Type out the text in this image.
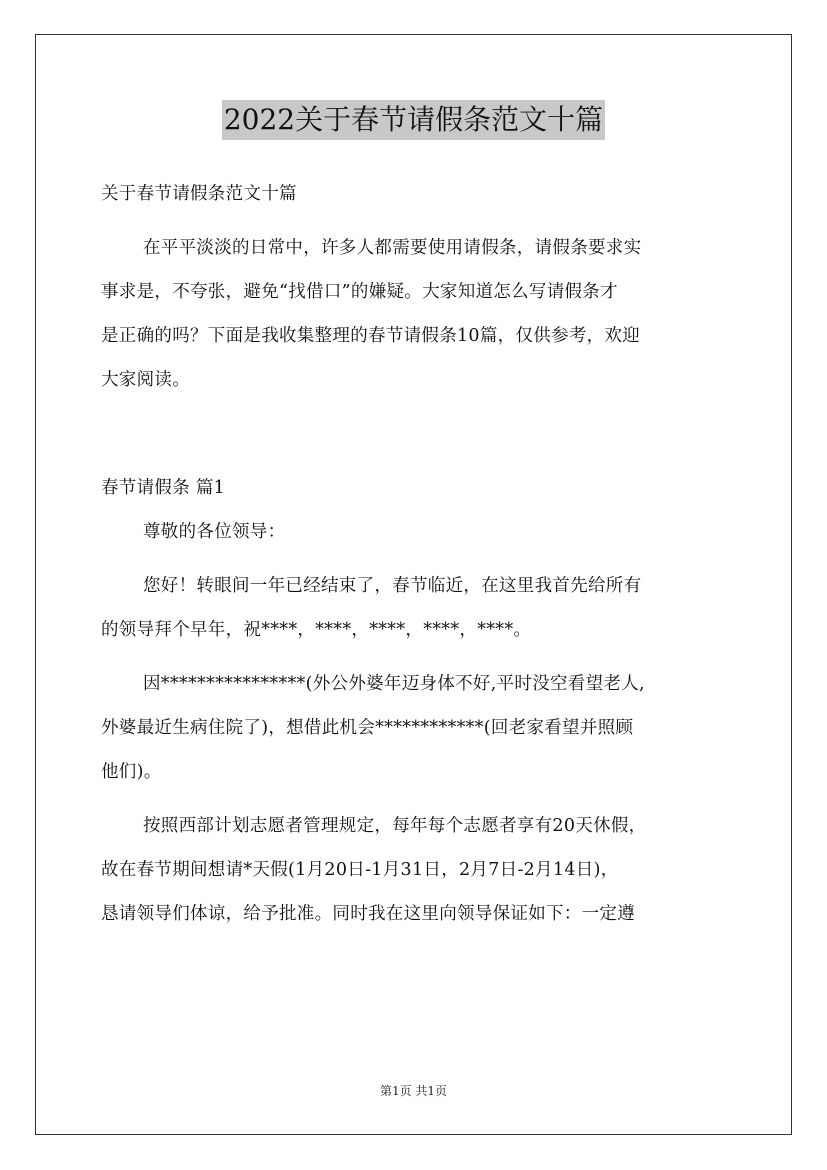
2022关于春节请假条范文十篇

关于春节请假条范文十篇

在平平淡淡的日常中，许多人都需要使用请假条，请假条要求实

事求是，不夸张，避免“找借口”的嫌疑。大家知道怎么写请假条才

是正确的吗？下面是我收集整理的春节请假条10篇，仅供参考，欢迎

大家阅读。

春节请假条 篇1

尊敬的各位领导：

您好！转眼间一年已经结束了，春节临近，在这里我首先给所有

的领导拜个早年，祝****，****，****，****，****。

因****************(外公外婆年迈身体不好,平时没空看望老人,

外婆最近生病住院了)，想借此机会************(回老家看望并照顾

他们)。

按照西部计划志愿者管理规定，每年每个志愿者享有20天休假，

故在春节期间想请*天假(1月20日-1月31日，2月7日-2月14日)，

恳请领导们体谅，给予批准。同时我在这里向领导保证如下：一定遵

第1页 共1页
